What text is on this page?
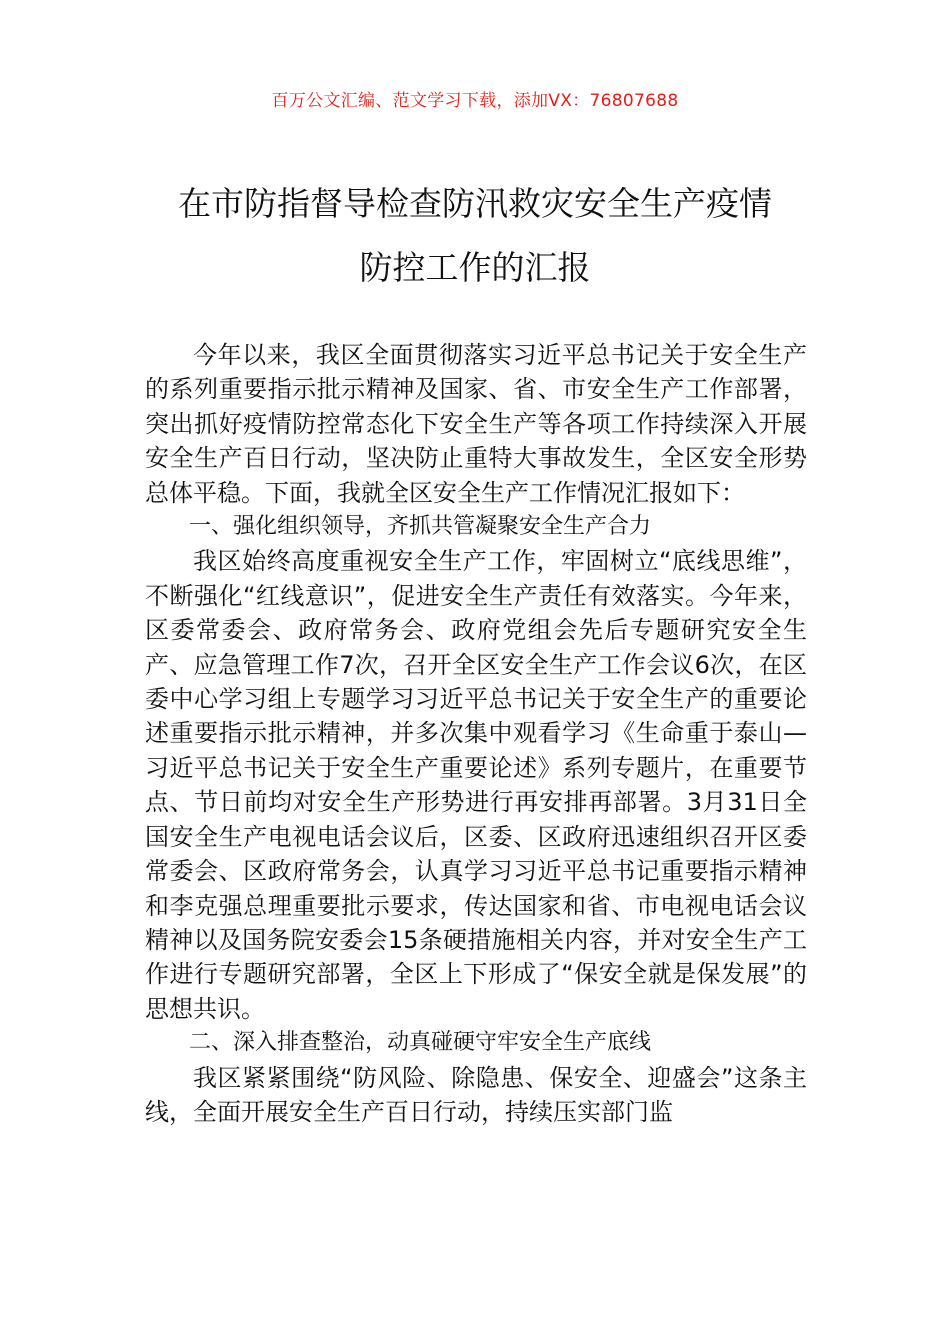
百万公文汇编、范文学习下载，添加VX：76807688
在市防指督导检查防汛救灾安全生产疫情
防控工作的汇报

今年以来，我区全面贯彻落实习近平总书记关于安全生产的系列重要指示批示精神及国家、省、市安全生产工作部署，突出抓好疫情防控常态化下安全生产等各项工作持续深入开展安全生产百日行动，坚决防止重特大事故发生，全区安全形势总体平稳。下面，我就全区安全生产工作情况汇报如下：

一、强化组织领导，齐抓共管凝聚安全生产合力

我区始终高度重视安全生产工作，牢固树立“底线思维”，不断强化“红线意识”，促进安全生产责任有效落实。今年来，区委常委会、政府常务会、政府党组会先后专题研究安全生产、应急管理工作7次，召开全区安全生产工作会议6次，在区委中心学习组上专题学习习近平总书记关于安全生产的重要论述重要指示批示精神，并多次集中观看学习《生命重于泰山—习近平总书记关于安全生产重要论述》系列专题片，在重要节点、节日前均对安全生产形势进行再安排再部署。3月31日全国安全生产电视电话会议后，区委、区政府迅速组织召开区委常委会、区政府常务会，认真学习习近平总书记重要指示精神和李克强总理重要批示要求，传达国家和省、市电视电话会议精神以及国务院安委会15条硬措施相关内容，并对安全生产工作进行专题研究部署，全区上下形成了“保安全就是保发展”的思想共识。

二、深入排查整治，动真碰硬守牢安全生产底线

我区紧紧围绕“防风险、除隐患、保安全、迎盛会”这条主线，全面开展安全生产百日行动，持续压实部门监
